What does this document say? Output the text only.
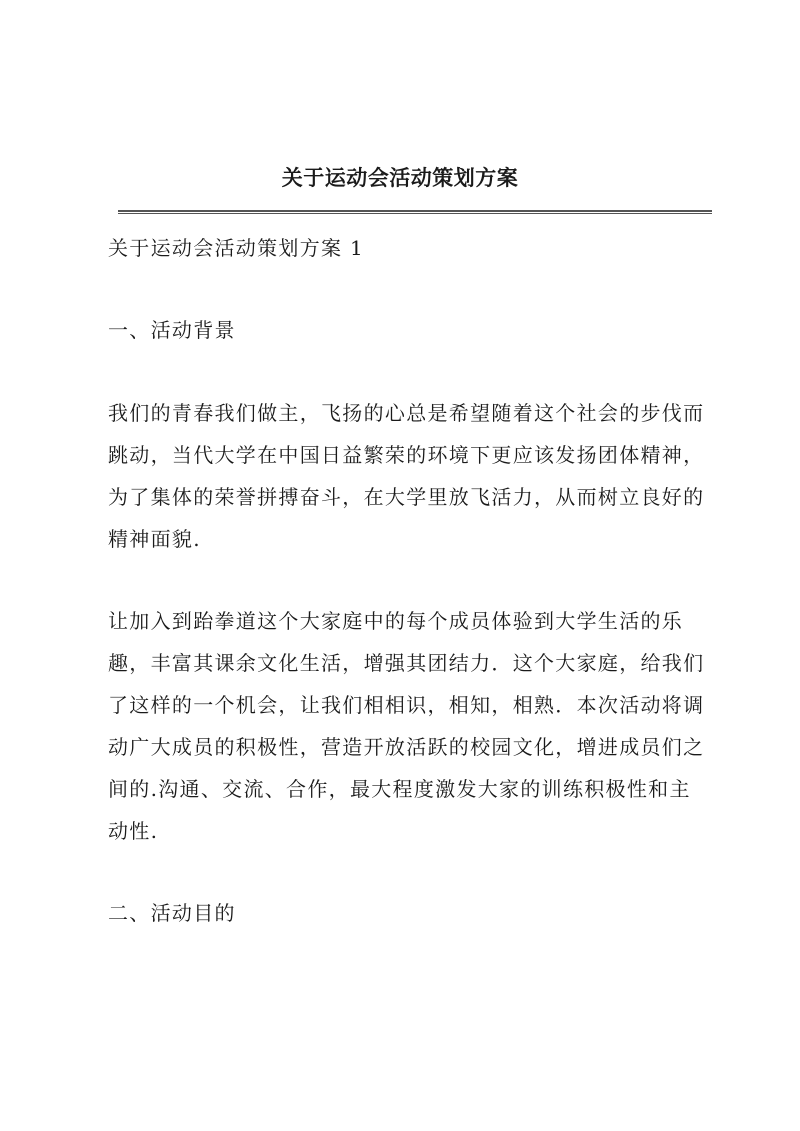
关于运动会活动策划方案
关于运动会活动策划方案 1
一、活动背景
我们的青春我们做主，飞扬的心总是希望随着这个社会的步伐而
跳动，当代大学在中国日益繁荣的环境下更应该发扬团体精神，
为了集体的荣誉拼搏奋斗，在大学里放飞活力，从而树立良好的
精神面貌.
让加入到跆拳道这个大家庭中的每个成员体验到大学生活的乐
趣，丰富其课余文化生活，增强其团结力．这个大家庭，给我们
了这样的一个机会，让我们相相识，相知，相熟．本次活动将调
动广大成员的积极性，营造开放活跃的校园文化，增进成员们之
间的.沟通、交流、合作，最大程度激发大家的训练积极性和主
动性.
二、活动目的
